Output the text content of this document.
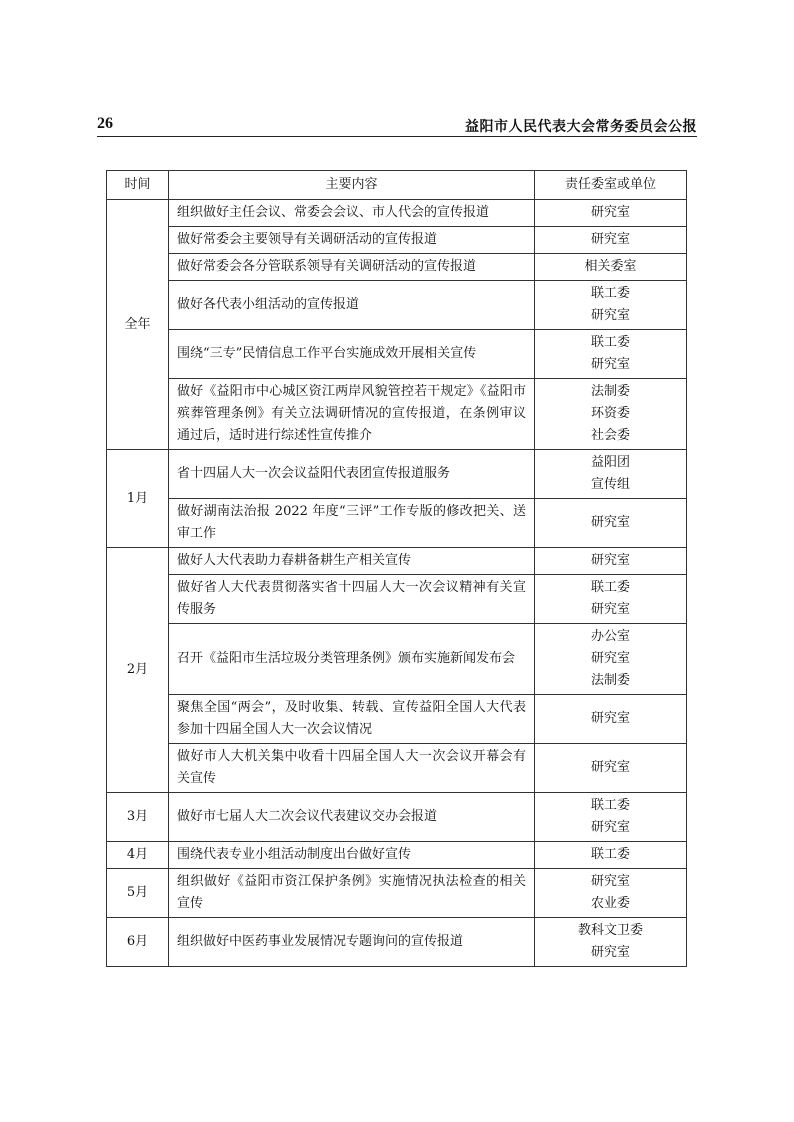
26	益阳市人民代表大会常务委员会公报
时间	主要内容	责任委室或单位
全年	组织做好主任会议、常委会会议、市人代会的宣传报道	研究室

	做好常委会主要领导有关调研活动的宣传报道	研究室

	做好常委会各分管联系领导有关调研活动的宣传报道	相关委室

	做好各代表小组活动的宣传报道	联工委
研究室

	围绕“三专”民情信息工作平台实施成效开展相关宣传	联工委
研究室

	做好《益阳市中心城区资江两岸风貌管控若干规定》《益阳市殡葬管理条例》有关立法调研情况的宣传报道，在条例审议通过后，适时进行综述性宣传推介	法制委
环资委
社会委

1月	省十四届人大一次会议益阳代表团宣传报道服务	益阳团
宣传组

	做好湖南法治报 2022 年度“三评”工作专版的修改把关、送审工作	研究室

2月	做好人大代表助力春耕备耕生产相关宣传	研究室

	做好省人大代表贯彻落实省十四届人大一次会议精神有关宣传服务	联工委
研究室

	召开《益阳市生活垃圾分类管理条例》颁布实施新闻发布会	办公室
研究室
法制委

	聚焦全国“两会”，及时收集、转载、宣传益阳全国人大代表参加十四届全国人大一次会议情况	研究室

	做好市人大机关集中收看十四届全国人大一次会议开幕会有关宣传	研究室

3月	做好市七届人大二次会议代表建议交办会报道	联工委
研究室

4月	围绕代表专业小组活动制度出台做好宣传	联工委

5月	组织做好《益阳市资江保护条例》实施情况执法检查的相关宣传	研究室
农业委

6月	组织做好中医药事业发展情况专题询问的宣传报道	教科文卫委
研究室
